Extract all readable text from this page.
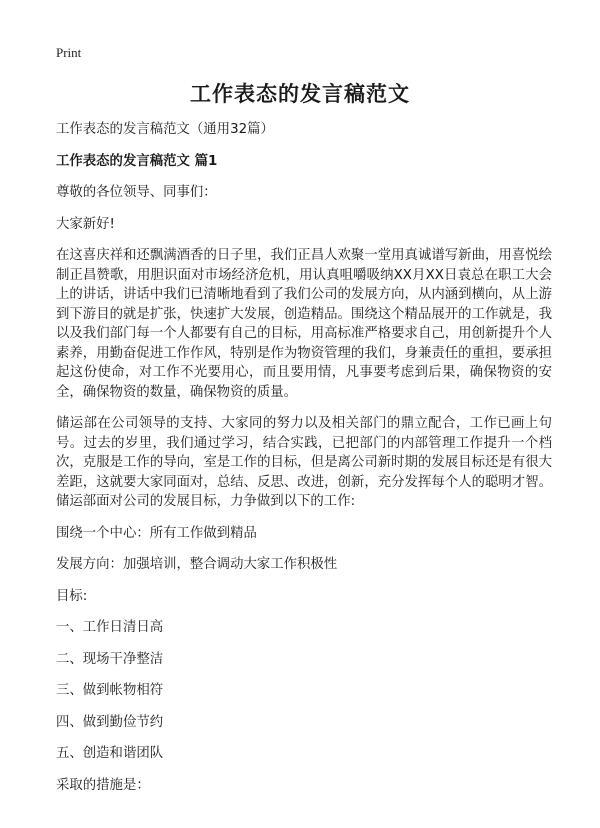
Print
工作表态的发言稿范文

工作表态的发言稿范文（通用32篇）

工作表态的发言稿范文 篇1

尊敬的各位领导、同事们：

大家新好!

在这喜庆祥和还飘满酒香的日子里，我们正昌人欢聚一堂用真诚谱写新曲，用喜悦绘制正昌赞歌，用胆识面对市场经济危机，用认真咀嚼吸纳XX月XX日袁总在职工大会上的讲话，讲话中我们已清晰地看到了我们公司的发展方向，从内涵到横向，从上游到下游目的就是扩张，快速扩大发展，创造精品。围绕这个精品展开的工作就是，我以及我们部门每一个人都要有自己的目标，用高标准严格要求自己，用创新提升个人素养，用勤奋促进工作作风，特别是作为物资管理的我们，身兼责任的重担，要承担起这份使命，对工作不光要用心，而且要用情，凡事要考虑到后果，确保物资的安全，确保物资的数量，确保物资的质量。

储运部在公司领导的支持、大家同的努力以及相关部门的鼎立配合，工作已画上句号。过去的岁里，我们通过学习，结合实践，已把部门的内部管理工作提升一个档次，克服是工作的导向，室是工作的目标，但是离公司新时期的发展目标还是有很大差距，这就要大家同面对，总结、反思、改进，创新，充分发挥每个人的聪明才智。储运部面对公司的发展目标，力争做到以下的工作:

围绕一个中心：所有工作做到精品

发展方向：加强培训，整合调动大家工作积极性

目标:

一、工作日清日高

二、现场干净整洁

三、做到帐物相符

四、做到勤俭节约

五、创造和谐团队

采取的措施是：
